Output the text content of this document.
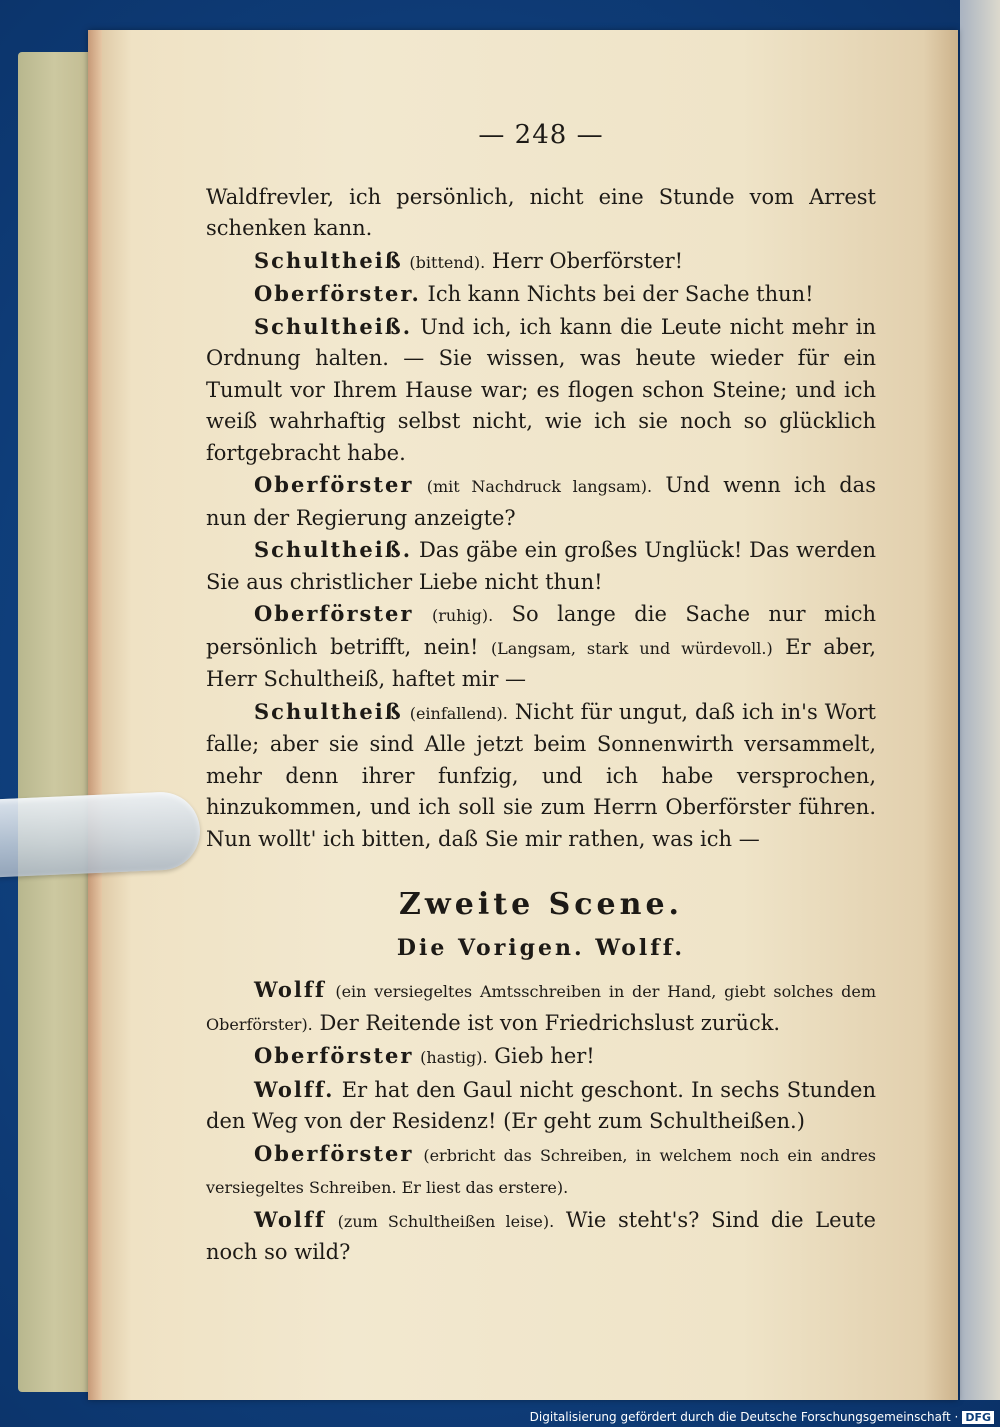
— 248 —

Waldfrevler, ich persönlich, nicht eine Stunde vom Arrest schenken kann.

Schultheiß (bittend). Herr Oberförster!

Oberförster. Ich kann Nichts bei der Sache thun!

Schultheiß. Und ich, ich kann die Leute nicht mehr in Ordnung halten. — Sie wissen, was heute wieder für ein Tumult vor Ihrem Hause war; es flogen schon Steine; und ich weiß wahrhaftig selbst nicht, wie ich sie noch so glücklich fortgebracht habe.

Oberförster (mit Nachdruck langsam). Und wenn ich das nun der Regierung anzeigte?

Schultheiß. Das gäbe ein großes Unglück! Das werden Sie aus christlicher Liebe nicht thun!

Oberförster (ruhig). So lange die Sache nur mich persönlich betrifft, nein! (Langsam, stark und würdevoll.) Er aber, Herr Schultheiß, haftet mir —

Schultheiß (einfallend). Nicht für ungut, daß ich in's Wort falle; aber sie sind Alle jetzt beim Sonnenwirth versammelt, mehr denn ihrer funfzig, und ich habe versprochen, hinzukommen, und ich soll sie zum Herrn Oberförster führen. Nun wollt' ich bitten, daß Sie mir rathen, was ich —

Zweite Scene.
Die Vorigen. Wolff.

Wolff (ein versiegeltes Amtsschreiben in der Hand, giebt solches dem Oberförster). Der Reitende ist von Friedrichslust zurück.

Oberförster (hastig). Gieb her!

Wolff. Er hat den Gaul nicht geschont. In sechs Stunden den Weg von der Residenz! (Er geht zum Schultheißen.)

Oberförster (erbricht das Schreiben, in welchem noch ein andres versiegeltes Schreiben. Er liest das erstere).

Wolff (zum Schultheißen leise). Wie steht's? Sind die Leute noch so wild?

Digitalisierung gefördert durch die Deutsche Forschungsgemeinschaft · DFG
